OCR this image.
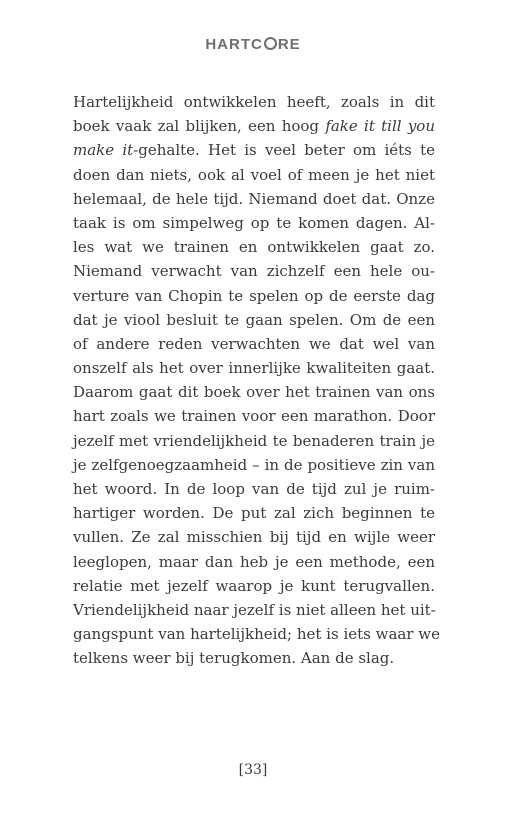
HARTC RE
Hartelijkheid ontwikkelen heeft, zoals in dit
boek vaak zal blijken, een hoog fake it till you
make it-gehalte. Het is veel beter om iéts te
doen dan niets, ook al voel of meen je het niet
helemaal, de hele tijd. Niemand doet dat. Onze
taak is om simpelweg op te komen dagen. Al-
les wat we trainen en ontwikkelen gaat zo.
Niemand verwacht van zichzelf een hele ou-
verture van Chopin te spelen op de eerste dag
dat je viool besluit te gaan spelen. Om de een
of andere reden verwachten we dat wel van
onszelf als het over innerlijke kwaliteiten gaat.
Daarom gaat dit boek over het trainen van ons
hart zoals we trainen voor een marathon. Door
jezelf met vriendelijkheid te benaderen train je
je zelfgenoegzaamheid – in de positieve zin van
het woord. In de loop van de tijd zul je ruim-
hartiger worden. De put zal zich beginnen te
vullen. Ze zal misschien bij tijd en wijle weer
leeglopen, maar dan heb je een methode, een
relatie met jezelf waarop je kunt terugvallen.
Vriendelijkheid naar jezelf is niet alleen het uit-
gangspunt van hartelijkheid; het is iets waar we
telkens weer bij terugkomen. Aan de slag.
[33]
